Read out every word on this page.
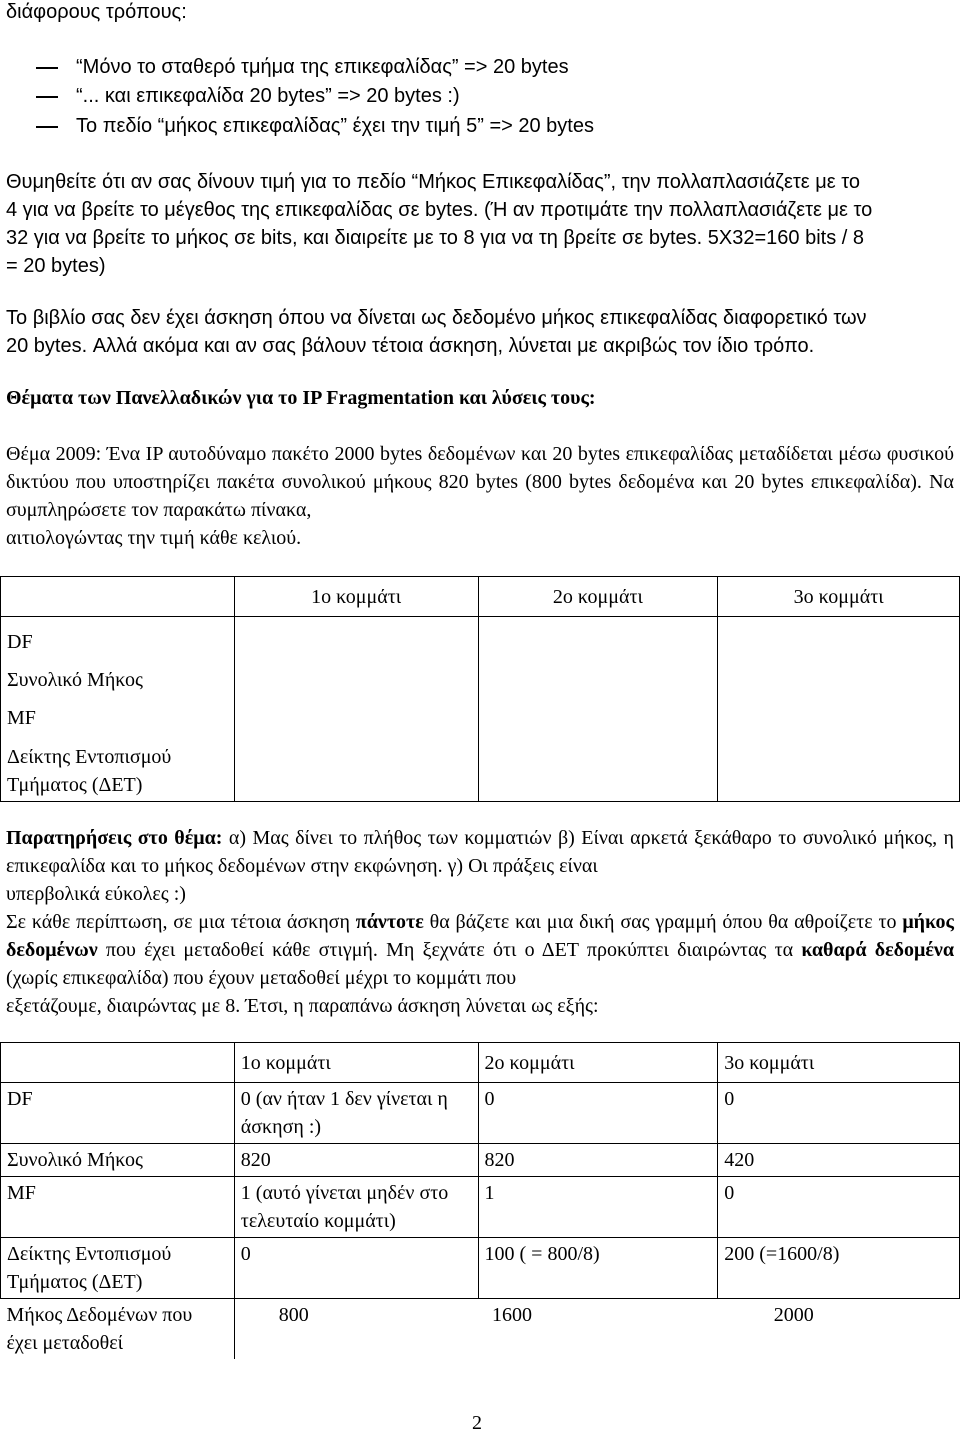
διάφορους τρόπους:
“Μόνο το σταθερό τμήμα της επικεφαλίδας” => 20 bytes
“... και επικεφαλίδα 20 bytes” => 20 bytes :)
Το πεδίο “μήκος επικεφαλίδας” έχει την τιμή 5” => 20 bytes
Θυμηθείτε ότι αν σας δίνουν τιμή για το πεδίο “Μήκος Επικεφαλίδας”, την πολλαπλασιάζετε με το
4 για να βρείτε το μέγεθος της επικεφαλίδας σε bytes. (Ή αν προτιμάτε την πολλαπλασιάζετε με το
32 για να βρείτε το μήκος σε bits, και διαιρείτε με το 8 για να τη βρείτε σε bytes. 5X32=160 bits / 8
= 20 bytes)
Το βιβλίο σας δεν έχει άσκηση όπου να δίνεται ως δεδομένο μήκος επικεφαλίδας διαφορετικό των
20 bytes. Αλλά ακόμα και αν σας βάλουν τέτοια άσκηση, λύνεται με ακριβώς τον ίδιο τρόπο.
Θέματα των Πανελλαδικών για το IP Fragmentation και λύσεις τους:
Θέμα 2009: Ένα IP αυτοδύναμο πακέτο 2000 bytes δεδομένων και 20 bytes επικεφαλίδας μεταδίδεται μέσω φυσικού δικτύου που υποστηρίζει πακέτα συνολικού μήκους 820 bytes (800 bytes δεδομένα και 20 bytes επικεφαλίδα). Να συμπληρώσετε τον παρακάτω πίνακα,
αιτιολογώντας την τιμή κάθε κελιού.
	1ο κομμάτι	2ο κομμάτι	3ο κομμάτι

DF
Συνολικό Μήκος
MF
Δείκτης Εντοπισμού Τμήματος (ΔΕΤ)			

Παρατηρήσεις στο θέμα: α) Μας δίνει το πλήθος των κομματιών β) Είναι αρκετά ξεκάθαρο το συνολικό μήκος, η επικεφαλίδα και το μήκος δεδομένων στην εκφώνηση. γ) Οι πράξεις είναι
υπερβολικά εύκολες :)
Σε κάθε περίπτωση, σε μια τέτοια άσκηση πάντοτε θα βάζετε και μια δική σας γραμμή όπου θα αθροίζετε το μήκος δεδομένων που έχει μεταδοθεί κάθε στιγμή. Μη ξεχνάτε ότι ο ΔΕΤ προκύπτει διαιρώντας τα καθαρά δεδομένα (χωρίς επικεφαλίδα) που έχουν μεταδοθεί μέχρι το κομμάτι που
εξετάζουμε, διαιρώντας με 8. Έτσι, η παραπάνω άσκηση λύνεται ως εξής:
	1ο κομμάτι	2ο κομμάτι	3ο κομμάτι
DF	0 (αν ήταν 1 δεν γίνεται η άσκηση :)	0	0
Συνολικό Μήκος	820	820	420
MF	1 (αυτό γίνεται μηδέν στο τελευταίο κομμάτι)	1	0
Δείκτης Εντοπισμού Τμήματος (ΔΕΤ)	0	100 ( = 800/8)	200 (=1600/8)
Μήκος Δεδομένων που έχει μεταδοθεί	800	1600	2000
2
